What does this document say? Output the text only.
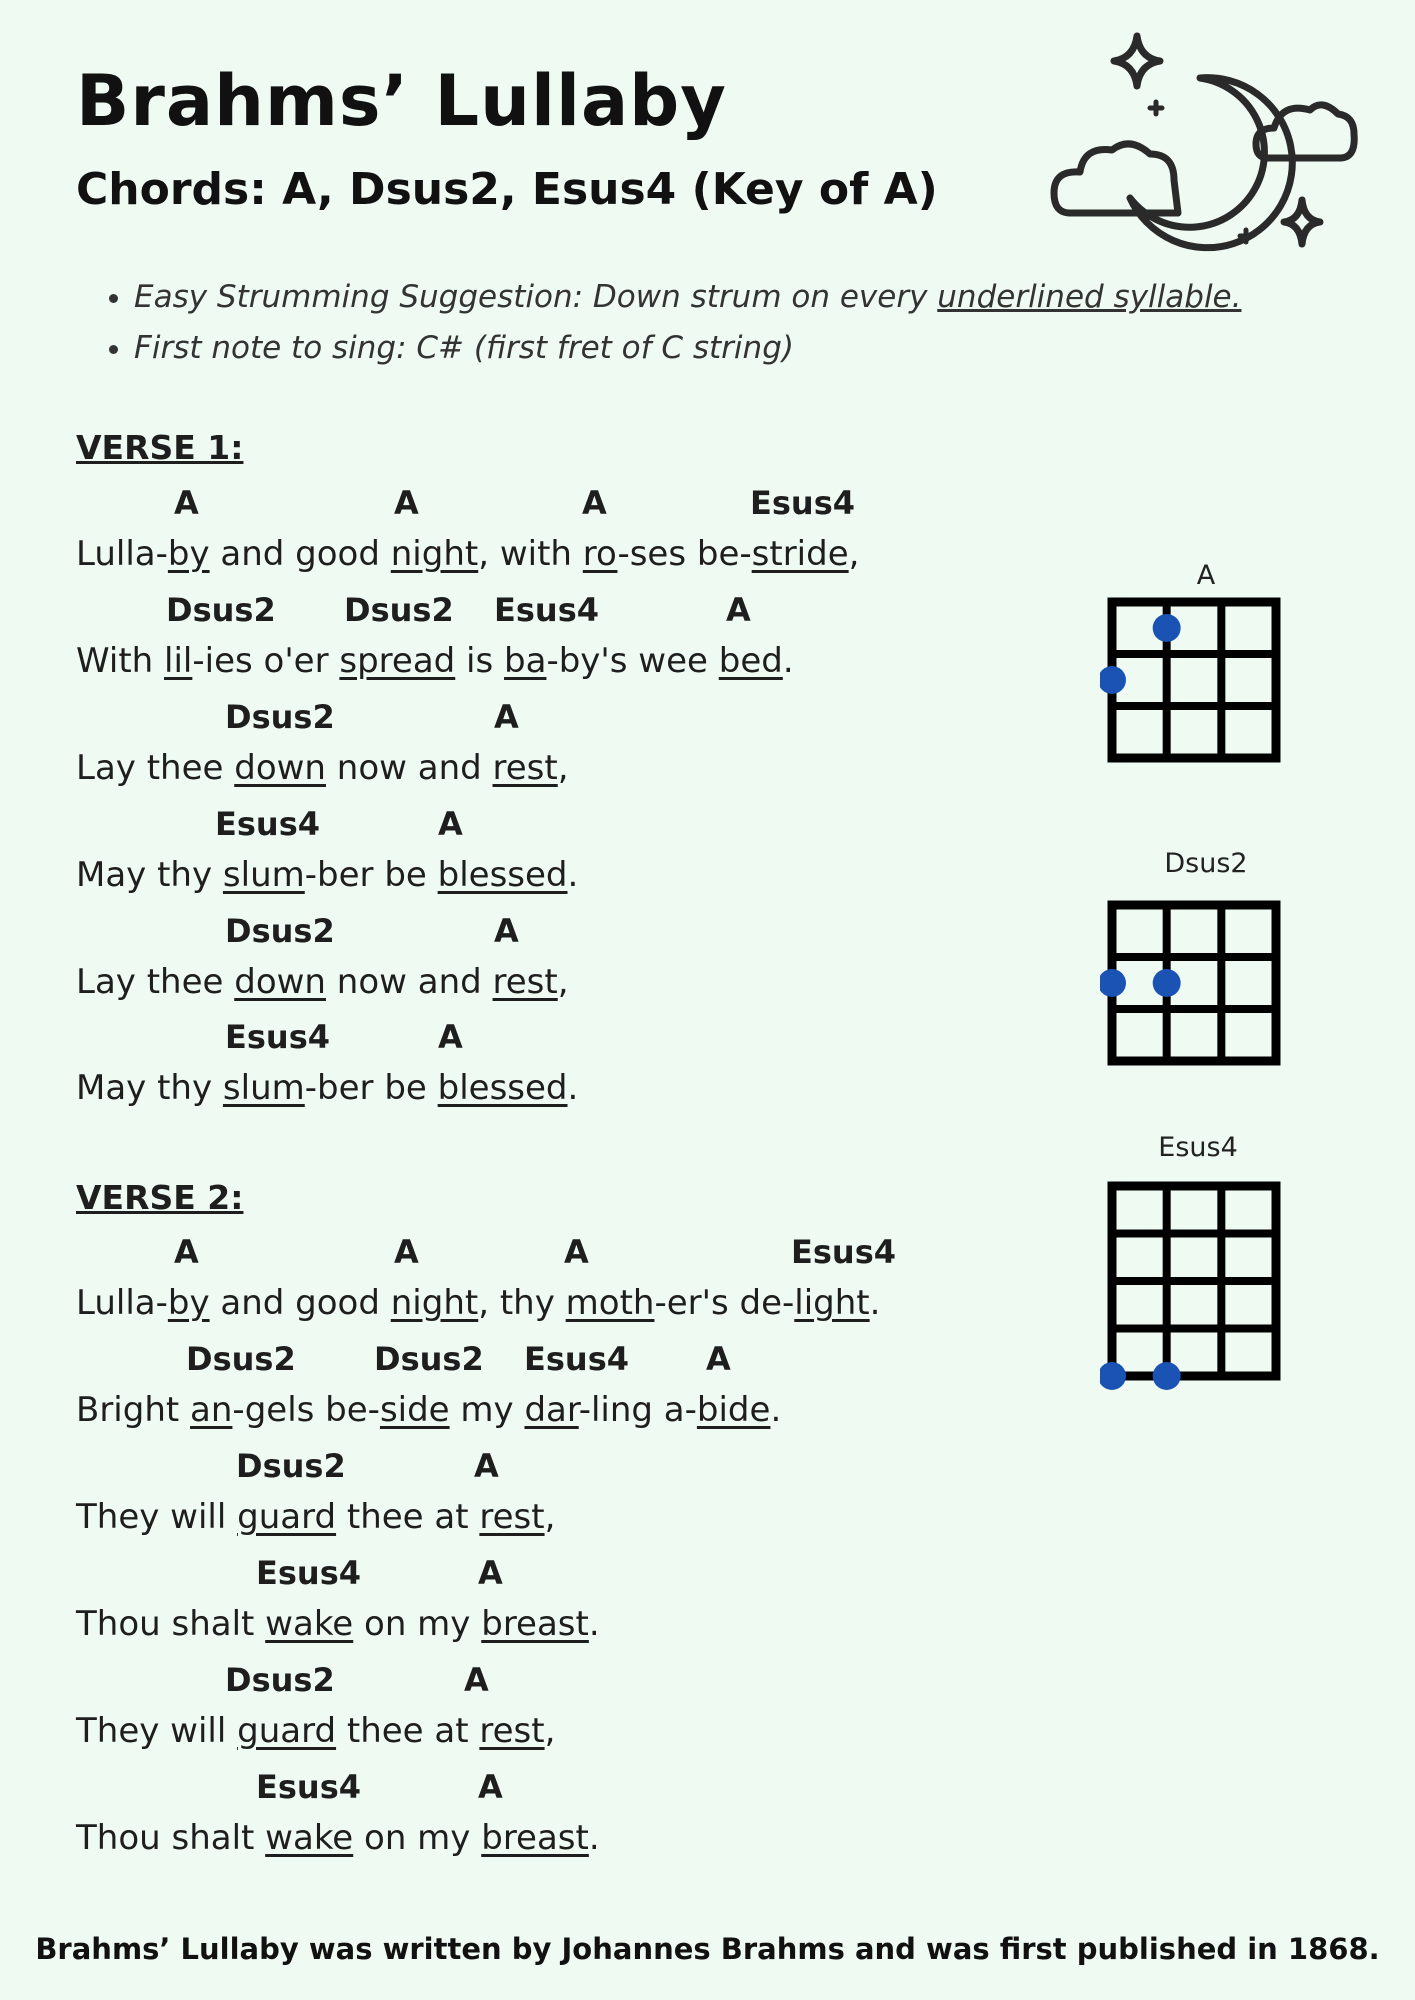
Brahms’ Lullaby
Chords: A, Dsus2, Esus4 (Key of A)
• Easy Strumming Suggestion: Down strum on every underlined syllable.
• First note to sing: C# (first fret of C string)
VERSE 1:
A	A	A	Esus4
Lulla-by and good night, with ro-ses be-stride,
Dsus2 Dsus2 Esus4	A
With lil-ies o'er spread is ba-by's wee bed.
Dsus2	A
Lay thee down now and rest,
Esus4	A
May thy slum-ber be blessed.
Dsus2	A
Lay thee down now and rest,
Esus4	A
May thy slum-ber be blessed.
VERSE 2:
A	A	A	Esus4
Lulla-by and good night, thy moth-er's de-light.
Dsus2 Dsus2 Esus4 A
Bright an-gels be-side my dar-ling a-bide.
Dsus2	A
They will guard thee at rest,
Esus4	A
Thou shalt wake on my breast.
Dsus2	A
They will guard thee at rest,
Esus4	A
Thou shalt wake on my breast.
A
Dsus2
Esus4
Brahms’ Lullaby was written by Johannes Brahms and was first published in 1868.
